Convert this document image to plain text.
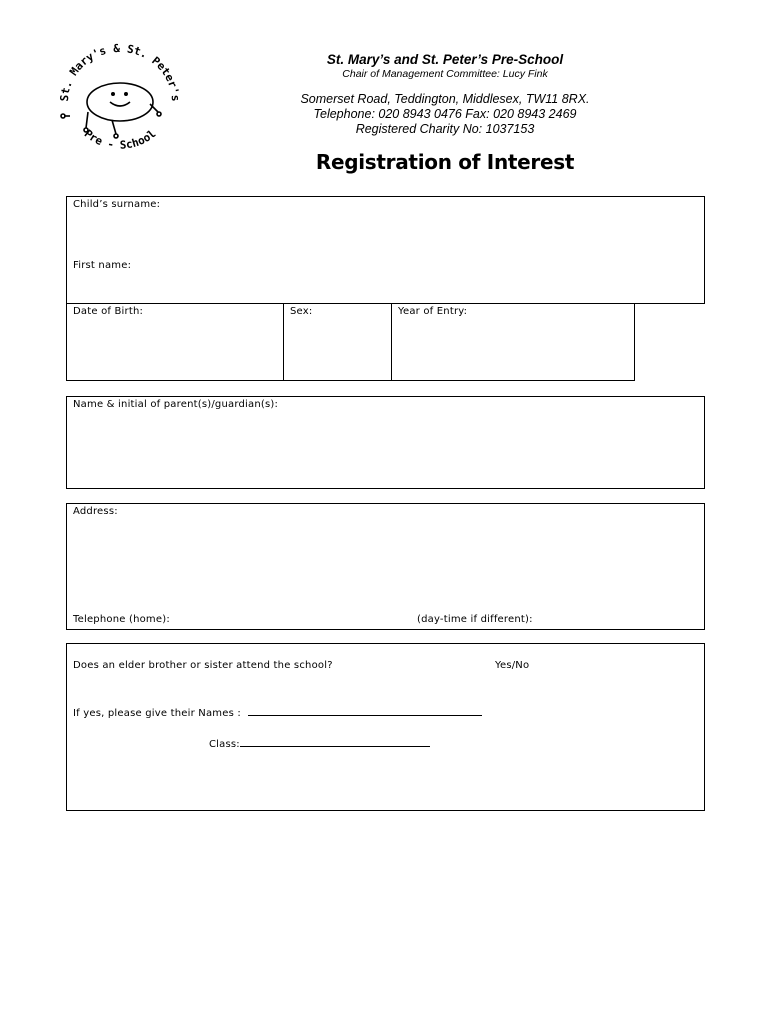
St. Mary's & St. Peter's
Pre - School
St. Mary’s and St. Peter’s Pre-School
Chair of Management Committee: Lucy Fink
Somerset Road, Teddington, Middlesex, TW11 8RX.
Telephone: 020 8943 0476 Fax: 020 8943 2469
Registered Charity No: 1037153
Registration of Interest
Child’s surname:
First name:
Date of Birth:	Sex:	Year of Entry:
Name & initial of parent(s)/guardian(s):
Address:
Telephone (home):	(day-time if different):
Does an elder brother or sister attend the school?	Yes/No
If yes, please give their Names :
Class:
